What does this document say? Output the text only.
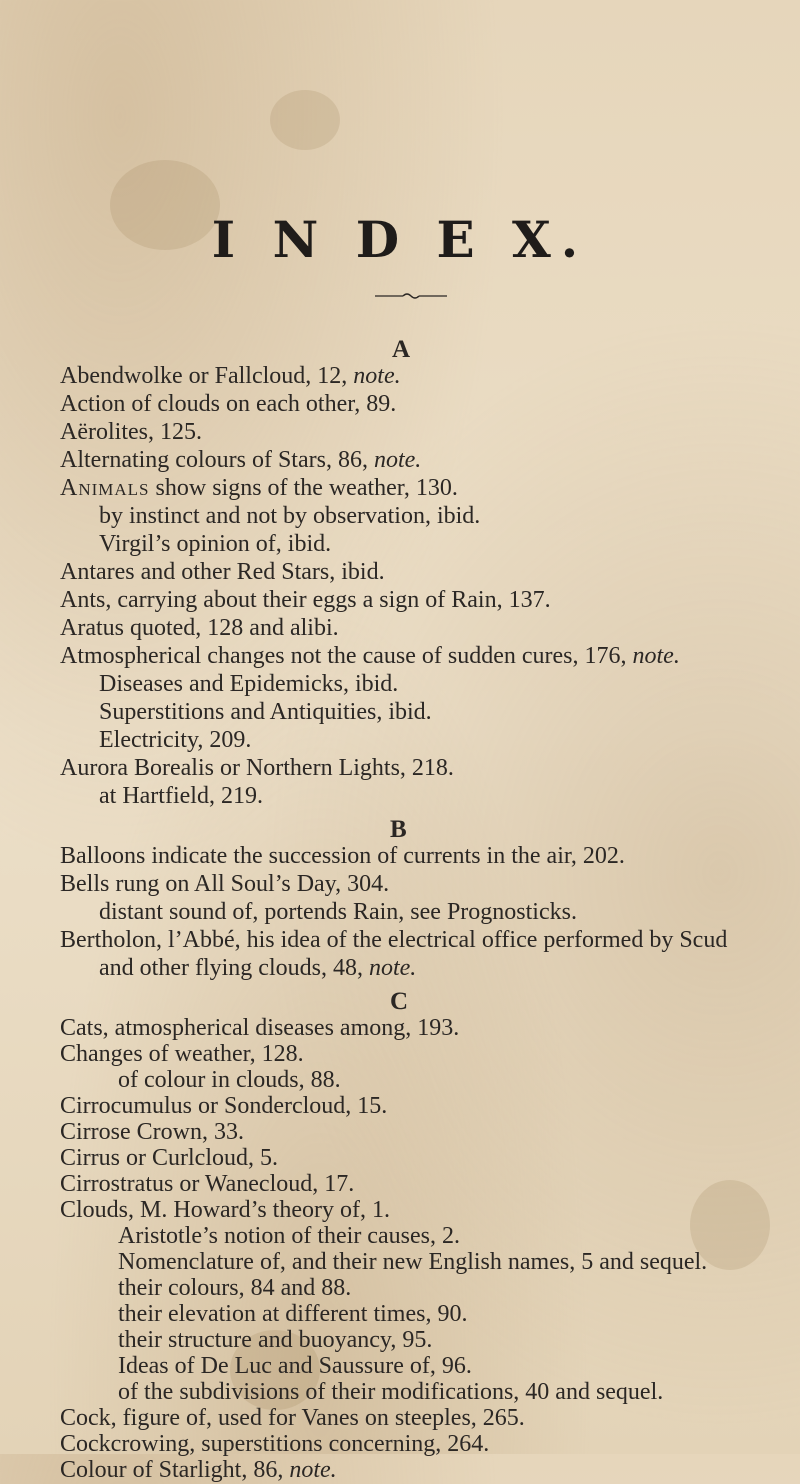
I N D E X.
A
Abendwolke or Fallcloud, 12, note.
Action of clouds on each other, 89.
Aërolites, 125.
Alternating colours of Stars, 86, note.
Animals show signs of the weather, 130.
by instinct and not by observation, ibid.
Virgil’s opinion of, ibid.
Antares and other Red Stars, ibid.
Ants, carrying about their eggs a sign of Rain, 137.
Aratus quoted, 128 and alibi.
Atmospherical changes not the cause of sudden cures, 176, note.
Diseases and Epidemicks, ibid.
Superstitions and Antiquities, ibid.
Electricity, 209.
Aurora Borealis or Northern Lights, 218.
at Hartfield, 219.
B
Balloons indicate the succession of currents in the air, 202.
Bells rung on All Soul’s Day, 304.
distant sound of, portends Rain, see Prognosticks.
Bertholon, l’Abbé, his idea of the electrical office performed by Scud
and other flying clouds, 48, note.
C
Cats, atmospherical diseases among, 193.
Changes of weather, 128.
of colour in clouds, 88.
Cirrocumulus or Sondercloud, 15.
Cirrose Crown, 33.
Cirrus or Curlcloud, 5.
Cirrostratus or Wanecloud, 17.
Clouds, M. Howard’s theory of, 1.
Aristotle’s notion of their causes, 2.
Nomenclature of, and their new English names, 5 and sequel.
their colours, 84 and 88.
their elevation at different times, 90.
their structure and buoyancy, 95.
Ideas of De Luc and Saussure of, 96.
of the subdivisions of their modifications, 40 and sequel.
Cock, figure of, used for Vanes on steeples, 265.
Cockcrowing, superstitions concerning, 264.
Colour of Starlight, 86, note.
